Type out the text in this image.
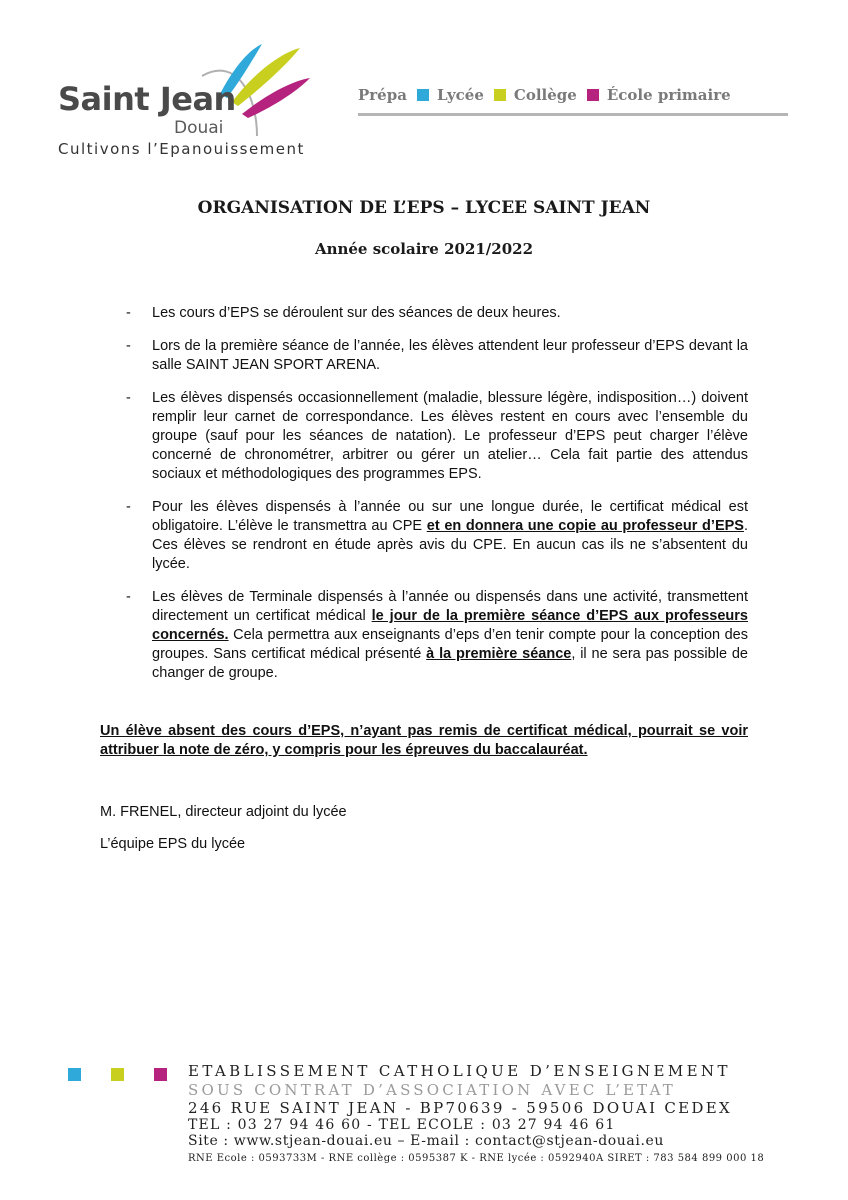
Saint Jean
Douai
Cultivons l’Epanouissement
Prépa Lycée Collège École primaire
ORGANISATION DE L’EPS – LYCEE SAINT JEAN
Année scolaire 2021/2022
- Les cours d’EPS se déroulent sur des séances de deux heures.
- Lors de la première séance de l’année, les élèves attendent leur professeur d’EPS devant la salle SAINT JEAN SPORT ARENA.
- Les élèves dispensés occasionnellement (maladie, blessure légère, indisposition…) doivent remplir leur carnet de correspondance. Les élèves restent en cours avec l’ensemble du groupe (sauf pour les séances de natation). Le professeur d’EPS peut charger l’élève concerné de chronométrer, arbitrer ou gérer un atelier… Cela fait partie des attendus sociaux et méthodologiques des programmes EPS.
- Pour les élèves dispensés à l’année ou sur une longue durée, le certificat médical est obligatoire. L’élève le transmettra au CPE et en donnera une copie au professeur d’EPS. Ces élèves se rendront en étude après avis du CPE. En aucun cas ils ne s’absentent du lycée.
- Les élèves de Terminale dispensés à l’année ou dispensés dans une activité, transmettent directement un certificat médical le jour de la première séance d’EPS aux professeurs concernés. Cela permettra aux enseignants d’eps d’en tenir compte pour la conception des groupes. Sans certificat médical présenté à la première séance, il ne sera pas possible de changer de groupe.
Un élève absent des cours d’EPS, n’ayant pas remis de certificat médical, pourrait se voir attribuer la note de zéro, y compris pour les épreuves du baccalauréat.
M. FRENEL, directeur adjoint du lycée
L’équipe EPS du lycée
ETABLISSEMENT CATHOLIQUE D’ENSEIGNEMENT
SOUS CONTRAT D’ASSOCIATION AVEC L’ETAT
246 RUE SAINT JEAN - BP70639 - 59506 DOUAI CEDEX
TEL : 03 27 94 46 60 - TEL ECOLE : 03 27 94 46 61
Site : www.stjean-douai.eu – E-mail : contact@stjean-douai.eu
RNE Ecole : 0593733M - RNE collège : 0595387 K - RNE lycée : 0592940A SIRET : 783 584 899 000 18
